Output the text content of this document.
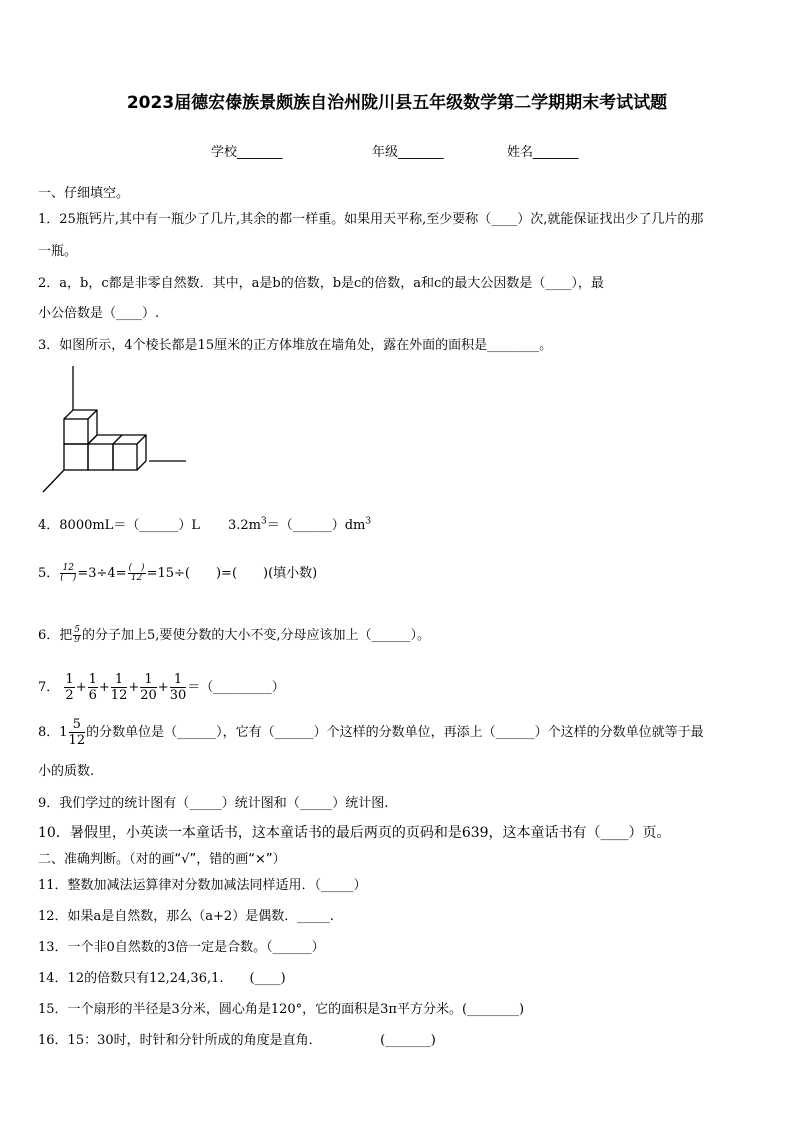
2023届德宏傣族景颇族自治州陇川县五年级数学第二学期期末考试试题
学校_______	年级_______	姓名_______
一、仔细填空。
1．25瓶钙片,其中有一瓶少了几片,其余的都一样重。如果用天平称,至少要称（____）次,就能保证找出少了几片的那
一瓶。
2．a，b，c都是非零自然数．其中，a是b的倍数，b是c的倍数，a和c的最大公因数是（____），最
小公倍数是（____）.
3．如图所示，4个棱长都是15厘米的正方体堆放在墙角处，露在外面的面积是________。
4．8000mL＝（______）L $3.2m^3=(\_\_\_\_\_\_)dm^3$
5． $\frac{12}{( )} =3\div 4= \frac{( )}{12} =15\div$(　　)=(　　)(填小数)
6．把 $\frac{5}{9}$ 的分子加上5,要使分数的大小不变,分母应该加上（______）。
7． $\frac{1}{2} + \frac{1}{6} + \frac{1}{12} + \frac{1}{20} + \frac{1}{30}$ ＝（_________）
8．$1 \frac{5}{12}$ 的分数单位是（______），它有（______）个这样的分数单位，再添上（______）个这样的分数单位就等于最
小的质数.
9．我们学过的统计图有（_____）统计图和（_____）统计图.
10．暑假里，小英读一本童话书，这本童话书的最后两页的页码和是639，这本童话书有（____）页。
二、准确判断。（对的画“√”，错的画“×”）
11．整数加减法运算律对分数加减法同样适用．（_____）
12．如果a是自然数，那么（a+2）是偶数．_____.
13．一个非0自然数的3倍一定是合数。（______）
14．12的倍数只有12,24,36,1.　　(____)
15．一个扇形的半径是3分米，圆心角是120°，它的面积是3π平方分米。(________)
16．15：30时，时针和分针所成的角度是直角．　　　　　(_______)
